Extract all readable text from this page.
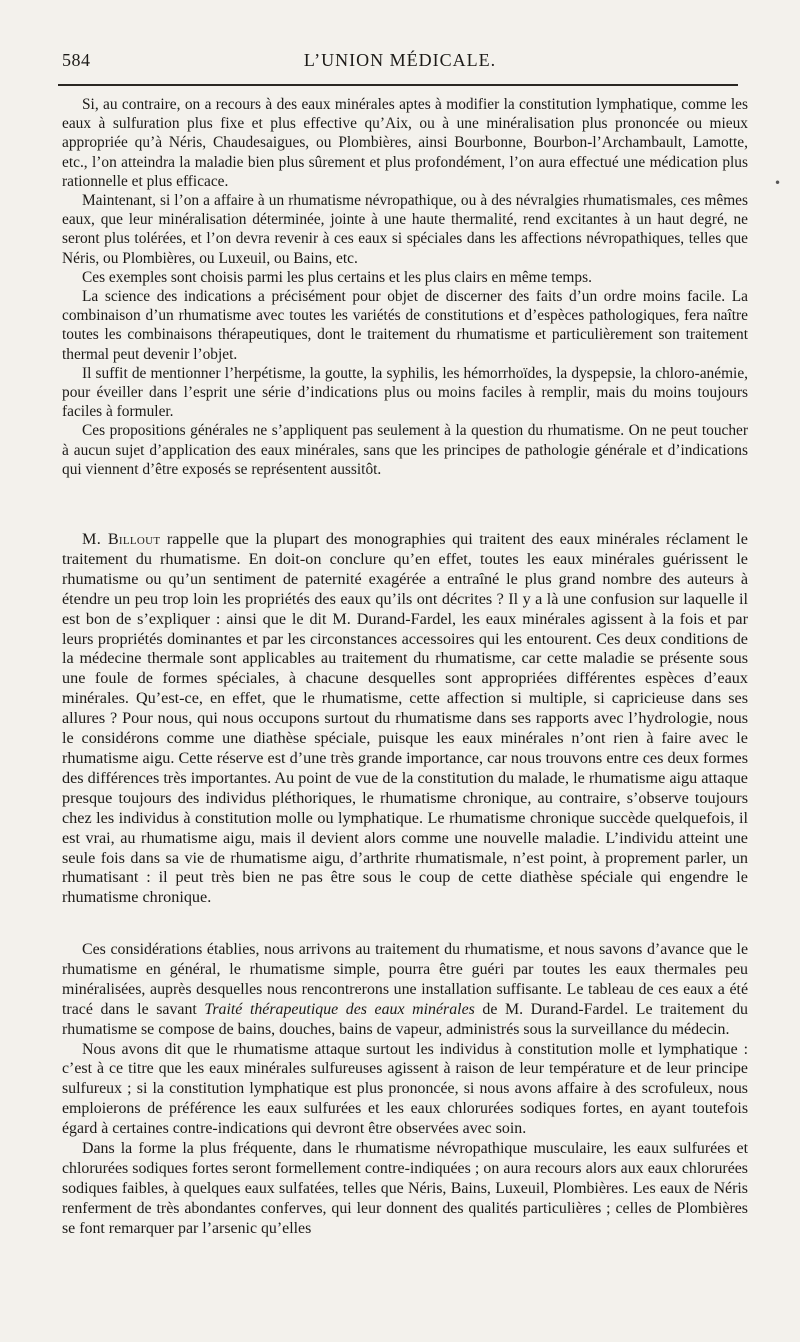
584	L’UNION MÉDICALE.
•

Si, au contraire, on a recours à des eaux minérales aptes à modifier la constitution lymphatique, comme les eaux à sulfuration plus fixe et plus effective qu’Aix, ou à une minéralisation plus prononcée ou mieux appropriée qu’à Néris, Chaudesaigues, ou Plombières, ainsi Bourbonne, Bourbon-l’Archambault, Lamotte, etc., l’on atteindra la maladie bien plus sûrement et plus profondément, l’on aura effectué une médication plus rationnelle et plus efficace.

Maintenant, si l’on a affaire à un rhumatisme névropathique, ou à des névralgies rhumatismales, ces mêmes eaux, que leur minéralisation déterminée, jointe à une haute thermalité, rend excitantes à un haut degré, ne seront plus tolérées, et l’on devra revenir à ces eaux si spéciales dans les affections névropathiques, telles que Néris, ou Plombières, ou Luxeuil, ou Bains, etc.

Ces exemples sont choisis parmi les plus certains et les plus clairs en même temps.

La science des indications a précisément pour objet de discerner des faits d’un ordre moins facile. La combinaison d’un rhumatisme avec toutes les variétés de constitutions et d’espèces pathologiques, fera naître toutes les combinaisons thérapeutiques, dont le traitement du rhumatisme et particulièrement son traitement thermal peut devenir l’objet.

Il suffit de mentionner l’herpétisme, la goutte, la syphilis, les hémorrhoïdes, la dyspepsie, la chloro-anémie, pour éveiller dans l’esprit une série d’indications plus ou moins faciles à remplir, mais du moins toujours faciles à formuler.

Ces propositions générales ne s’appliquent pas seulement à la question du rhumatisme. On ne peut toucher à aucun sujet d’application des eaux minérales, sans que les principes de pathologie générale et d’indications qui viennent d’être exposés se représentent aussitôt.

M. Billout rappelle que la plupart des monographies qui traitent des eaux minérales réclament le traitement du rhumatisme. En doit-on conclure qu’en effet, toutes les eaux minérales guérissent le rhumatisme ou qu’un sentiment de paternité exagérée a entraîné le plus grand nombre des auteurs à étendre un peu trop loin les propriétés des eaux qu’ils ont décrites ? Il y a là une confusion sur laquelle il est bon de s’expliquer : ainsi que le dit M. Durand-Fardel, les eaux minérales agissent à la fois et par leurs propriétés dominantes et par les circonstances accessoires qui les entourent. Ces deux conditions de la médecine thermale sont applicables au traitement du rhumatisme, car cette maladie se présente sous une foule de formes spéciales, à chacune desquelles sont appropriées différentes espèces d’eaux minérales. Qu’est-ce, en effet, que le rhumatisme, cette affection si multiple, si capricieuse dans ses allures ? Pour nous, qui nous occupons surtout du rhumatisme dans ses rapports avec l’hydrologie, nous le considérons comme une diathèse spéciale, puisque les eaux minérales n’ont rien à faire avec le rhumatisme aigu. Cette réserve est d’une très grande importance, car nous trouvons entre ces deux formes des différences très importantes. Au point de vue de la constitution du malade, le rhumatisme aigu attaque presque toujours des individus pléthoriques, le rhumatisme chronique, au contraire, s’observe toujours chez les individus à constitution molle ou lymphatique. Le rhumatisme chronique succède quelquefois, il est vrai, au rhumatisme aigu, mais il devient alors comme une nouvelle maladie. L’individu atteint une seule fois dans sa vie de rhumatisme aigu, d’arthrite rhumatismale, n’est point, à proprement parler, un rhumatisant : il peut très bien ne pas être sous le coup de cette diathèse spéciale qui engendre le rhumatisme chronique.

Ces considérations établies, nous arrivons au traitement du rhumatisme, et nous savons d’avance que le rhumatisme en général, le rhumatisme simple, pourra être guéri par toutes les eaux thermales peu minéralisées, auprès desquelles nous rencontrerons une installation suffisante. Le tableau de ces eaux a été tracé dans le savant Traité thérapeutique des eaux minérales de M. Durand-Fardel. Le traitement du rhumatisme se compose de bains, douches, bains de vapeur, administrés sous la surveillance du médecin.

Nous avons dit que le rhumatisme attaque surtout les individus à constitution molle et lymphatique : c’est à ce titre que les eaux minérales sulfureuses agissent à raison de leur température et de leur principe sulfureux ; si la constitution lymphatique est plus prononcée, si nous avons affaire à des scrofuleux, nous emploierons de préférence les eaux sulfurées et les eaux chlorurées sodiques fortes, en ayant toutefois égard à certaines contre-indications qui devront être observées avec soin.

Dans la forme la plus fréquente, dans le rhumatisme névropathique musculaire, les eaux sulfurées et chlorurées sodiques fortes seront formellement contre-indiquées ; on aura recours alors aux eaux chlorurées sodiques faibles, à quelques eaux sulfatées, telles que Néris, Bains, Luxeuil, Plombières. Les eaux de Néris renferment de très abondantes conferves, qui leur donnent des qualités particulières ; celles de Plombières se font remarquer par l’arsenic qu’elles
